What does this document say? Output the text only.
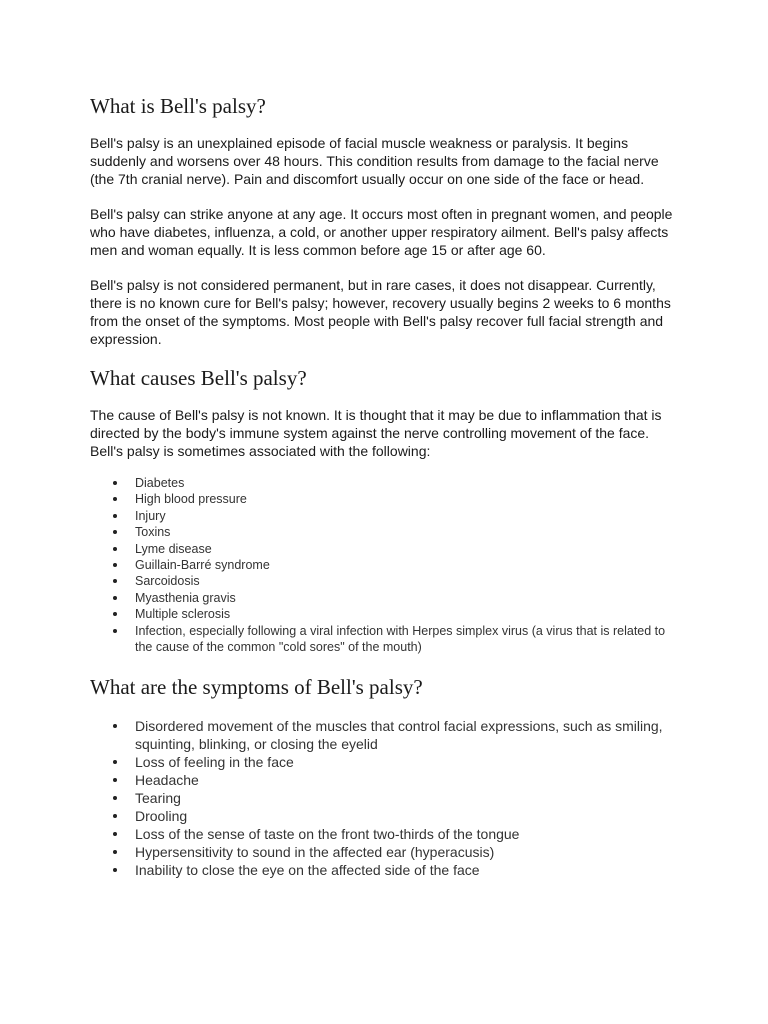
What is Bell's palsy?

Bell's palsy is an unexplained episode of facial muscle weakness or paralysis. It begins suddenly and worsens over 48 hours. This condition results from damage to the facial nerve (the 7th cranial nerve). Pain and discomfort usually occur on one side of the face or head.

Bell's palsy can strike anyone at any age. It occurs most often in pregnant women, and people who have diabetes, influenza, a cold, or another upper respiratory ailment. Bell's palsy affects men and woman equally. It is less common before age 15 or after age 60.

Bell's palsy is not considered permanent, but in rare cases, it does not disappear. Currently, there is no known cure for Bell's palsy; however, recovery usually begins 2 weeks to 6 months from the onset of the symptoms. Most people with Bell's palsy recover full facial strength and expression.

What causes Bell's palsy?

The cause of Bell's palsy is not known. It is thought that it may be due to inflammation that is directed by the body's immune system against the nerve controlling movement of the face. Bell's palsy is sometimes associated with the following:

Diabetes
High blood pressure
Injury
Toxins
Lyme disease
Guillain-Barré syndrome
Sarcoidosis
Myasthenia gravis
Multiple sclerosis
Infection, especially following a viral infection with Herpes simplex virus (a virus that is related to the cause of the common "cold sores" of the mouth)
What are the symptoms of Bell's palsy?
Disordered movement of the muscles that control facial expressions, such as smiling, squinting, blinking, or closing the eyelid
Loss of feeling in the face
Headache
Tearing
Drooling
Loss of the sense of taste on the front two-thirds of the tongue
Hypersensitivity to sound in the affected ear (hyperacusis)
Inability to close the eye on the affected side of the face
